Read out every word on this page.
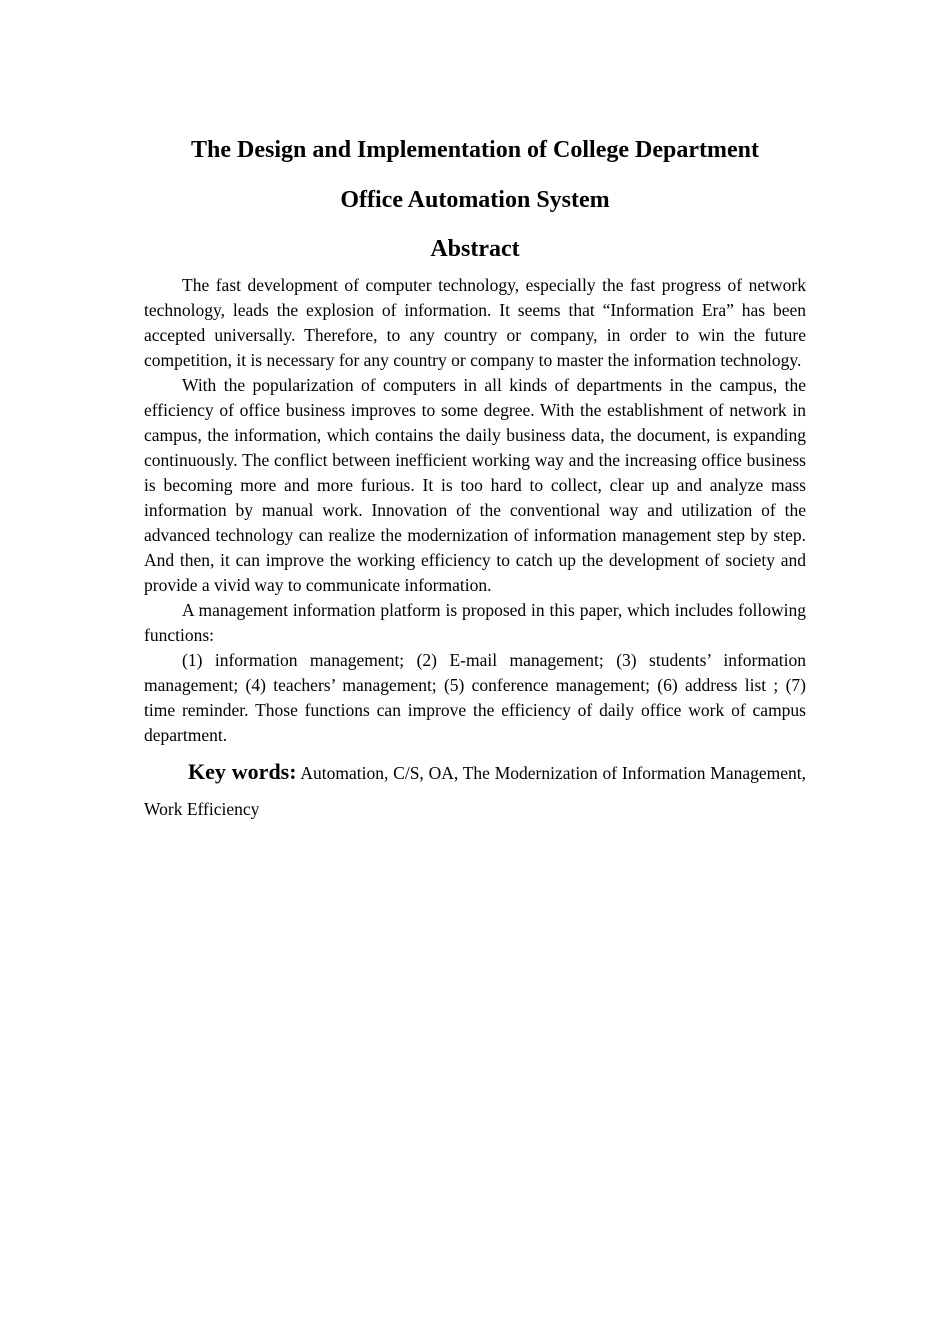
The Design and Implementation of College Department
Office Automation System
Abstract

The fast development of computer technology, especially the fast progress of network technology, leads the explosion of information. It seems that “Information Era” has been accepted universally. Therefore, to any country or company, in order to win the future competition, it is necessary for any country or company to master the information technology.

With the popularization of computers in all kinds of departments in the campus, the efficiency of office business improves to some degree. With the establishment of network in campus, the information, which contains the daily business data, the document, is expanding continuously. The conflict between inefficient working way and the increasing office business is becoming more and more furious. It is too hard to collect, clear up and analyze mass information by manual work. Innovation of the conventional way and utilization of the advanced technology can realize the modernization of information management step by step. And then, it can improve the working efficiency to catch up the development of society and provide a vivid way to communicate information.

A management information platform is proposed in this paper, which includes following functions:

(1) information management; (2) E-mail management; (3) students’ information management; (4) teachers’ management; (5) conference management; (6) address list ; (7) time reminder. Those functions can improve the efficiency of daily office work of campus department.

Key words: Automation, C/S, OA, The Modernization of Information Management, Work Efficiency
